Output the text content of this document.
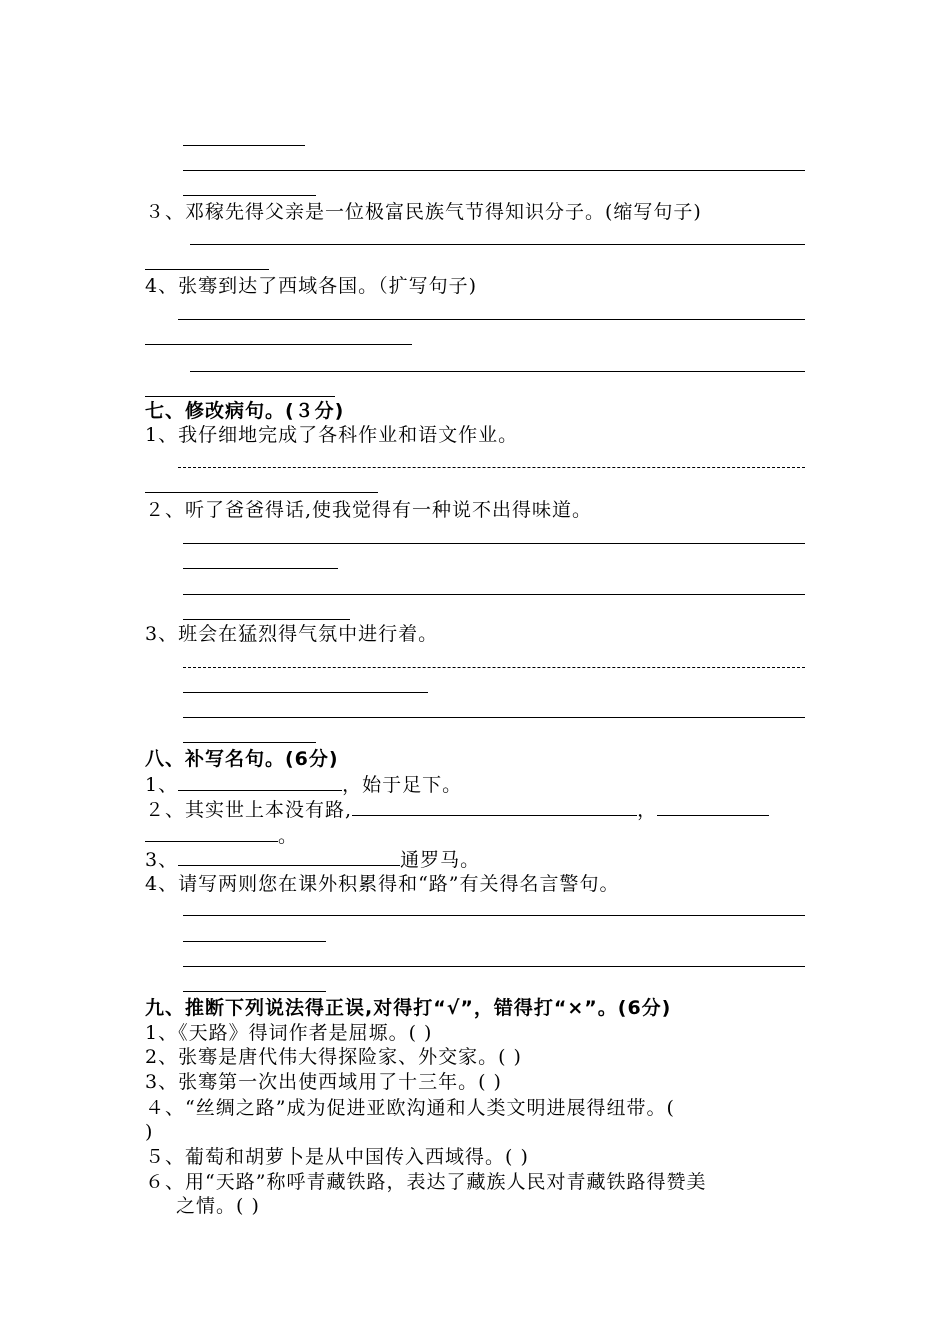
３、邓稼先得父亲是一位极富民族气节得知识分子。(缩写句子)
4、张骞到达了西域各国。（扩写句子)
七、修改病句。(３分)
1、我仔细地完成了各科作业和语文作业。
２、听了爸爸得话,使我觉得有一种说不出得味道。
3、班会在猛烈得气氛中进行着。
八、补写名句。(6分)
1、	，始于足下。
２、其实世上本没有路,	，
。
3、	通罗马。
4、请写两则您在课外积累得和“路”有关得名言警句。
九、推断下列说法得正误,对得打“√”，错得打“×”。(6分)
1、《天路》得词作者是屈塬。( )
2、张骞是唐代伟大得探险家、外交家。( )
3、张骞第一次出使西域用了十三年。( )
４、“丝绸之路”成为促进亚欧沟通和人类文明进展得纽带。(
)
５、葡萄和胡萝卜是从中国传入西域得。( )
６、用“天路”称呼青藏铁路，表达了藏族人民对青藏铁路得赞美
之情。( )
